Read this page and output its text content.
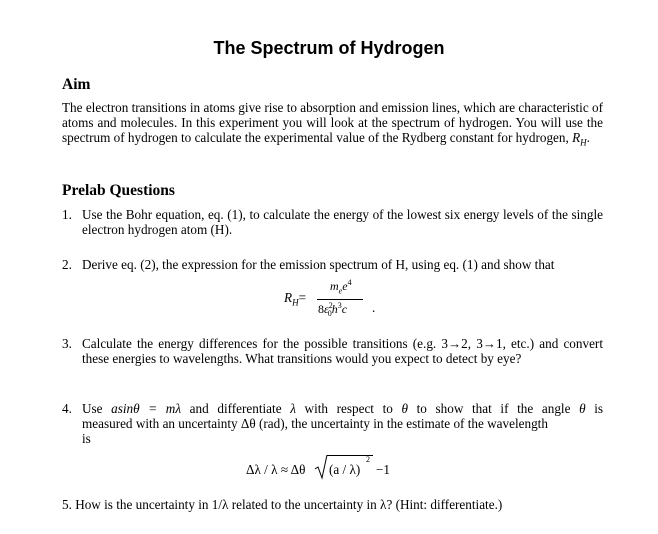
The Spectrum of Hydrogen
Aim
The electron transitions in atoms give rise to absorption and emission lines, which are characteristic of atoms and molecules. In this experiment you will look at the spectrum of hydrogen. You will use the spectrum of hydrogen to calculate the experimental value of the Rydberg constant for hydrogen, $R_H$.
Prelab Questions
1. Use the Bohr equation, eq. (1), to calculate the energy of the lowest six energy levels of the single electron hydrogen atom (H).
2. Derive eq. (2), the expression for the emission spectrum of H, using eq. (1) and show that
$R_H=$
$m_ee^4$
$8\varepsilon^2_0h^3c$ .
3. Calculate the energy differences for the possible transitions (e.g. 3→2, 3→1, etc.) and convert these energies to wavelengths. What transitions would you expect to detect by eye?
4. Use asinθ = mλ and differentiate λ with respect to θ to show that if the angle θ is
measured with an uncertainty Δθ (rad), the uncertainty in the estimate of the wavelength
is
Δλ / λ ≈ Δθ (a / λ)
2
−1
5. How is the uncertainty in 1/λ related to the uncertainty in λ? (Hint: differentiate.)
